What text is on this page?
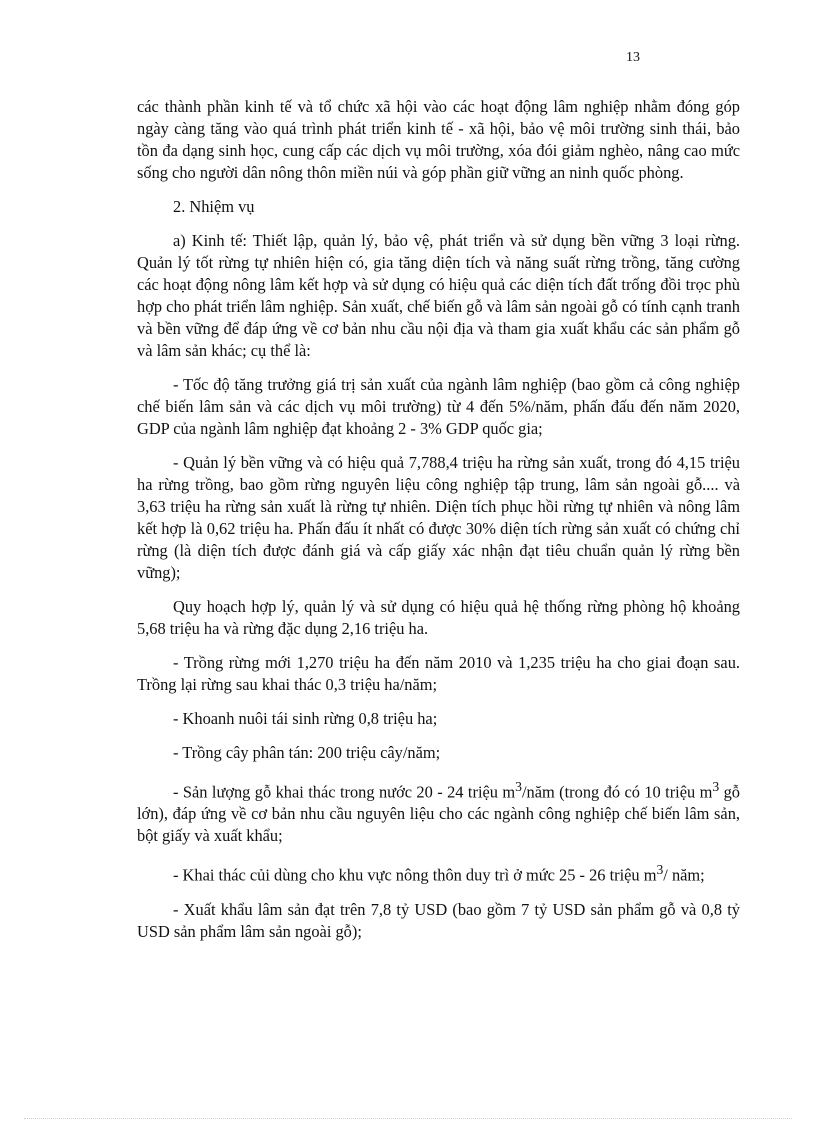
13

các thành phần kinh tế và tổ chức xã hội vào các hoạt động lâm nghiệp nhằm đóng góp ngày càng tăng vào quá trình phát triển kinh tế - xã hội, bảo vệ môi trường sinh thái, bảo tồn đa dạng sinh học, cung cấp các dịch vụ môi trường, xóa đói giảm nghèo, nâng cao mức sống cho người dân nông thôn miền núi và góp phần giữ vững an ninh quốc phòng.

2. Nhiệm vụ

a) Kinh tế: Thiết lập, quản lý, bảo vệ, phát triển và sử dụng bền vững 3 loại rừng. Quản lý tốt rừng tự nhiên hiện có, gia tăng diện tích và năng suất rừng trồng, tăng cường các hoạt động nông lâm kết hợp và sử dụng có hiệu quả các diện tích đất trống đồi trọc phù hợp cho phát triển lâm nghiệp. Sản xuất, chế biến gỗ và lâm sản ngoài gỗ có tính cạnh tranh và bền vững để đáp ứng về cơ bản nhu cầu nội địa và tham gia xuất khẩu các sản phẩm gỗ và lâm sản khác; cụ thể là:

- Tốc độ tăng trưởng giá trị sản xuất của ngành lâm nghiệp (bao gồm cả công nghiệp chế biến lâm sản và các dịch vụ môi trường) từ 4 đến 5%/năm, phấn đấu đến năm 2020, GDP của ngành lâm nghiệp đạt khoảng 2 - 3% GDP quốc gia;

- Quản lý bền vững và có hiệu quả 7,788,4 triệu ha rừng sản xuất, trong đó 4,15 triệu ha rừng trồng, bao gồm rừng nguyên liệu công nghiệp tập trung, lâm sản ngoài gỗ.... và 3,63 triệu ha rừng sản xuất là rừng tự nhiên. Diện tích phục hồi rừng tự nhiên và nông lâm kết hợp là 0,62 triệu ha. Phấn đấu ít nhất có được 30% diện tích rừng sản xuất có chứng chỉ rừng (là diện tích được đánh giá và cấp giấy xác nhận đạt tiêu chuẩn quản lý rừng bền vững);

Quy hoạch hợp lý, quản lý và sử dụng có hiệu quả hệ thống rừng phòng hộ khoảng 5,68 triệu ha và rừng đặc dụng 2,16 triệu ha.

- Trồng rừng mới 1,270 triệu ha đến năm 2010 và 1,235 triệu ha cho giai đoạn sau. Trồng lại rừng sau khai thác 0,3 triệu ha/năm;

- Khoanh nuôi tái sinh rừng 0,8 triệu ha;

- Trồng cây phân tán: 200 triệu cây/năm;

- Sản lượng gỗ khai thác trong nước 20 - 24 triệu $m^3$/năm (trong đó có 10 triệu $m^3$ gỗ lớn), đáp ứng về cơ bản nhu cầu nguyên liệu cho các ngành công nghiệp chế biến lâm sản, bột giấy và xuất khẩu;

- Khai thác củi dùng cho khu vực nông thôn duy trì ở mức 25 - 26 triệu $m^3/$ năm;

- Xuất khẩu lâm sản đạt trên 7,8 tỷ USD (bao gồm 7 tỷ USD sản phẩm gỗ và 0,8 tỷ USD sản phẩm lâm sản ngoài gỗ);
